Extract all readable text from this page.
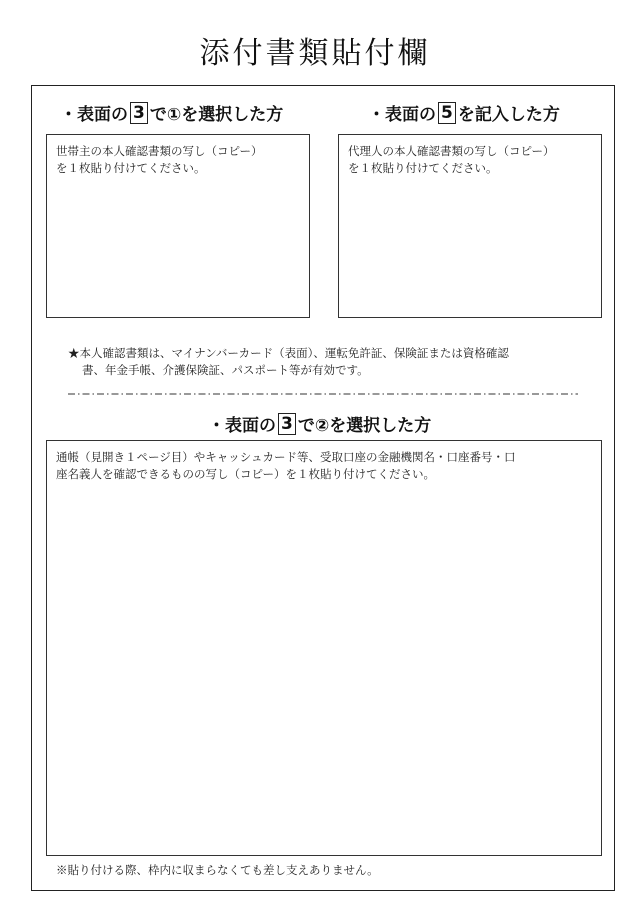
添付書類貼付欄
・ 表面の 3 で①を選択した方	・ 表面の 5 を記入した方
世帯主の本人確認書類の写し（コピー）
を１枚貼り付けてください。
代理人の本人確認書類の写し（コピー）
を１枚貼り付けてください。
★本人確認書類は、マイナンバーカード（表面）、運転免許証、保険証または資格確認
書、年金手帳、介護保険証、パスポート等が有効です。
・ 表面の 3 で②を選択した方
通帳（見開き１ページ目）やキャッシュカード等、受取口座の金融機関名・口座番号・口
座名義人を確認できるものの写し（コピー）を１枚貼り付けてください。
※貼り付ける際、枠内に収まらなくても差し支えありません。
